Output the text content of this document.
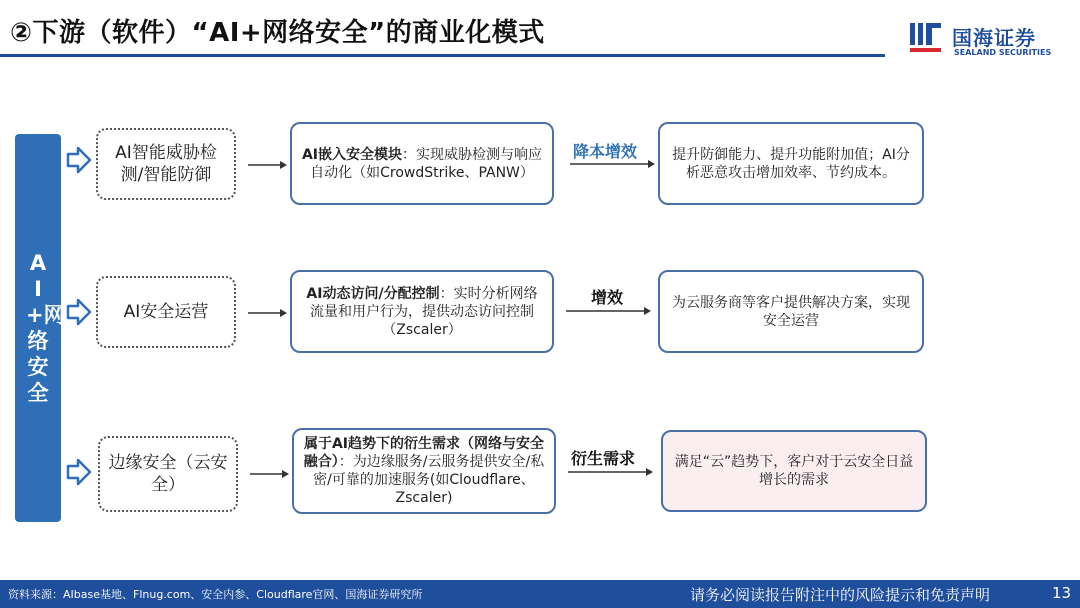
②下游（软件）“AI+网络安全”的商业化模式	国海证券
SEALAND SECURITIES
AI+网络安全
AI智能威胁检测/智能防御
AI嵌入安全模块：实现威胁检测与响应自动化（如CrowdStrike、PANW）
降本增效	提升防御能力、提升功能附加值；AI分析恶意攻击增加效率、节约成本。
AI安全运营
AI动态访问/分配控制：实时分析网络流量和用户行为，提供动态访问控制（Zscaler）
增效	为云服务商等客户提供解决方案，实现安全运营
边缘安全（云安全）
属于AI趋势下的衍生需求（网络与安全融合）：为边缘服务/云服务提供安全/私密/可靠的加速服务(如Cloudflare、Zscaler)
衍生需求	满足“云”趋势下，客户对于云安全日益增长的需求
资料来源：AIbase基地、Flnug.com、安全内参、Cloudflare官网、国海证券研究所	请务必阅读报告附注中的风险提示和免责声明	13
